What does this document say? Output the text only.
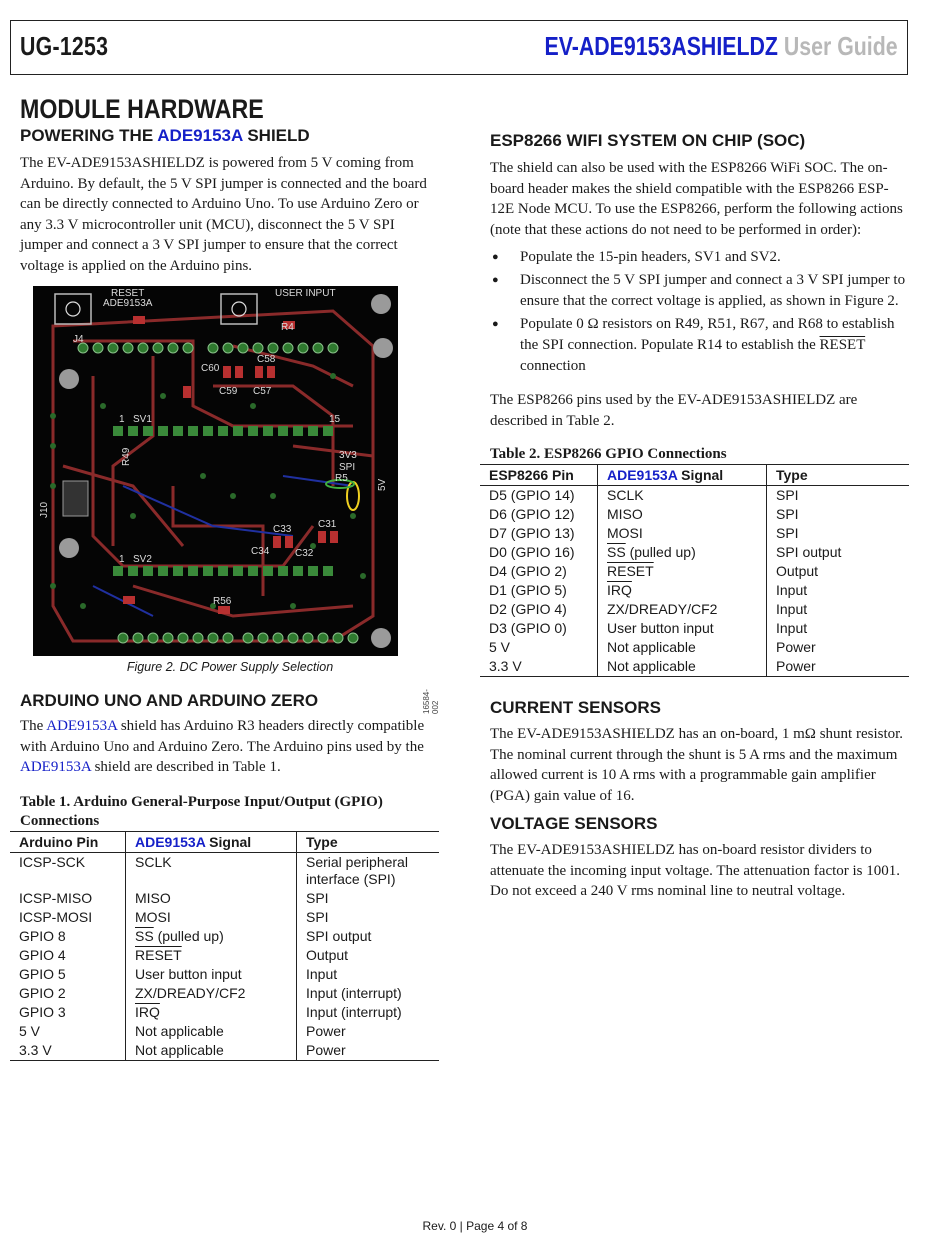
UG-1253	EV-ADE9153ASHIELDZ User Guide
MODULE HARDWARE
POWERING THE ADE9153A SHIELD

The EV-ADE9153ASHIELDZ is powered from 5 V coming from Arduino. By default, the 5 V SPI jumper is connected and the board can be directly connected to Arduino Uno. To use Arduino Zero or any 3.3 V microcontroller unit (MCU), disconnect the 5 V SPI jumper and connect a 3 V SPI jumper to ensure that the correct voltage is applied on the Arduino pins.

RESET
ADE9153A
USER INPUT
1 SV1	15
1 SV2
J4
J10
C58
C60
C59 C57
C33	C31
C32
C34
R56
R49
R4
R5
3V3
SPI
5V
16584-002
Figure 2. DC Power Supply Selection
ARDUINO UNO AND ARDUINO ZERO

The ADE9153A shield has Arduino R3 headers directly compatible with Arduino Uno and Arduino Zero. The Arduino pins used by the ADE9153A shield are described in Table 1.

Table 1. Arduino General-Purpose Input/Output (GPIO) Connections
Arduino Pin	ADE9153A Signal	Type
ICSP-SCK	SCLK	Serial peripheral interface (SPI)
ICSP-MISO	MISO	SPI
ICSP-MOSI	MOSI	SPI
GPIO 8	$\overline{SS}$ (pulled up)	SPI output
GPIO 4	RESET	Output
GPIO 5	User button input	Input
GPIO 2	ZX/DREADY/CF2	Input (interrupt)
GPIO 3	$\overline{IRQ}$	Input (interrupt)
5 V	Not applicable	Power
3.3 V	Not applicable	Power
ESP8266 WIFI SYSTEM ON CHIP (SOC)

The shield can also be used with the ESP8266 WiFi SOC. The on-board header makes the shield compatible with the ESP8266 ESP-12E Node MCU. To use the ESP8266, perform the following actions (note that these actions do not need to be performed in order):

● Populate the 15-pin headers, SV1 and SV2.
● Disconnect the 5 V SPI jumper and connect a 3 V SPI jumper to ensure that the correct voltage is applied, as shown in Figure 2.
● Populate 0 Ω resistors on R49, R51, R67, and R68 to establish the SPI connection. Populate R14 to establish the RESET connection

The ESP8266 pins used by the EV-ADE9153ASHIELDZ are described in Table 2.

Table 2. ESP8266 GPIO Connections
ESP8266 Pin	ADE9153A Signal	Type
D5 (GPIO 14)	SCLK	SPI
D6 (GPIO 12)	MISO	SPI
D7 (GPIO 13)	MOSI	SPI
D0 (GPIO 16)	$\overline{SS}$ (pulled up)	SPI output
D4 (GPIO 2)	RESET	Output
D1 (GPIO 5)	$\overline{IRQ}$	Input
D2 (GPIO 4)	ZX/DREADY/CF2	Input
D3 (GPIO 0)	User button input	Input
5 V	Not applicable	Power
3.3 V	Not applicable	Power
CURRENT SENSORS

The EV-ADE9153ASHIELDZ has an on-board, 1 mΩ shunt resistor. The nominal current through the shunt is 5 A rms and the maximum allowed current is 10 A rms with a programmable gain amplifier (PGA) gain value of 16.

VOLTAGE SENSORS

The EV-ADE9153ASHIELDZ has on-board resistor dividers to attenuate the incoming input voltage. The attenuation factor is 1001. Do not exceed a 240 V rms nominal line to neutral voltage.

Rev. 0 | Page 4 of 8
